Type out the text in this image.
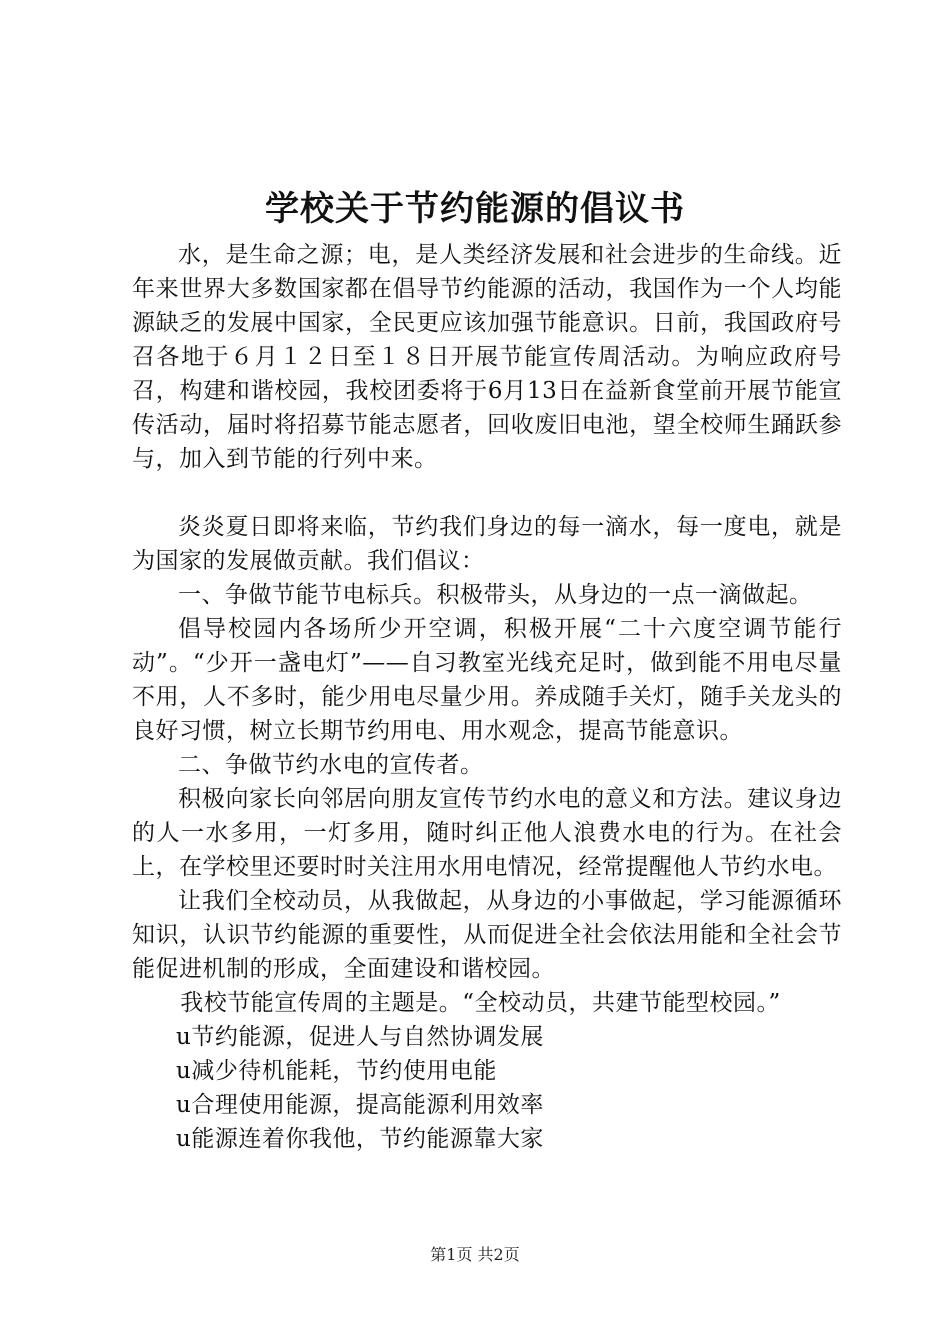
学校关于节约能源的倡议书

水，是生命之源；电，是人类经济发展和社会进步的生命线。近年来世界大多数国家都在倡导节约能源的活动，我国作为一个人均能源缺乏的发展中国家，全民更应该加强节能意识。日前，我国政府号召各地于６月１２日至１８日开展节能宣传周活动。为响应政府号召，构建和谐校园，我校团委将于6月13日在益新食堂前开展节能宣传活动，届时将招募节能志愿者，回收废旧电池，望全校师生踊跃参与，加入到节能的行列中来。

炎炎夏日即将来临，节约我们身边的每一滴水，每一度电，就是为国家的发展做贡献。我们倡议：

一、争做节能节电标兵。积极带头，从身边的一点一滴做起。

倡导校园内各场所少开空调，积极开展“二十六度空调节能行动”。“少开一盏电灯”——自习教室光线充足时，做到能不用电尽量不用，人不多时，能少用电尽量少用。养成随手关灯，随手关龙头的良好习惯，树立长期节约用电、用水观念，提高节能意识。

二、争做节约水电的宣传者。

积极向家长向邻居向朋友宣传节约水电的意义和方法。建议身边的人一水多用，一灯多用，随时纠正他人浪费水电的行为。在社会上，在学校里还要时时关注用水用电情况，经常提醒他人节约水电。

让我们全校动员，从我做起，从身边的小事做起，学习能源循环知识，认识节约能源的重要性，从而促进全社会依法用能和全社会节能促进机制的形成，全面建设和谐校园。

我校节能宣传周的主题是。“全校动员，共建节能型校园。”

u节约能源，促进人与自然协调发展

u减少待机能耗，节约使用电能

u合理使用能源，提高能源利用效率

u能源连着你我他，节约能源靠大家

第1页 共2页
